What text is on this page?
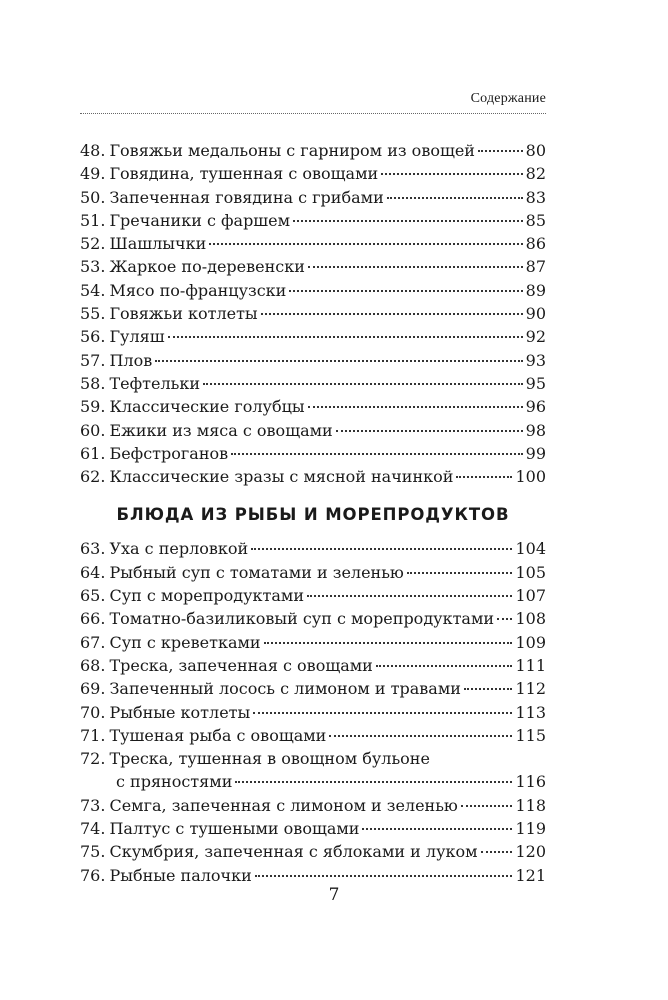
Содержание
48. Говяжьи медальоны с гарниром из овощей	80
49. Говядина, тушенная с овощами	82
50. Запеченная говядина с грибами	83
51. Гречаники с фаршем	85
52. Шашлычки	86
53. Жаркое по-деревенски	87
54. Мясо по-французски	89
55. Говяжьи котлеты	90
56. Гуляш	92
57. Плов	93
58. Тефтельки	95
59. Классические голубцы	96
60. Ежики из мяса с овощами	98
61. Бефстроганов	99
62. Классические зразы с мясной начинкой	100
БЛЮДА ИЗ РЫБЫ И МОРЕПРОДУКТОВ
63. Уха с перловкой	104
64. Рыбный суп с томатами и зеленью	105
65. Суп с морепродуктами	107
66. Томатно-базиликовый суп с морепродуктами 108
67. Суп с креветками	109
68. Треска, запеченная с овощами	111
69. Запеченный лосось с лимоном и травами	112
70. Рыбные котлеты	113
71. Тушеная рыба с овощами	115
72. Треска, тушенная в овощном бульоне
с пряностями	116
73. Семга, запеченная с лимоном и зеленью	118
74. Палтус с тушеными овощами	119
75. Скумбрия, запеченная с яблоками и луком 120
76. Рыбные палочки	121
7
